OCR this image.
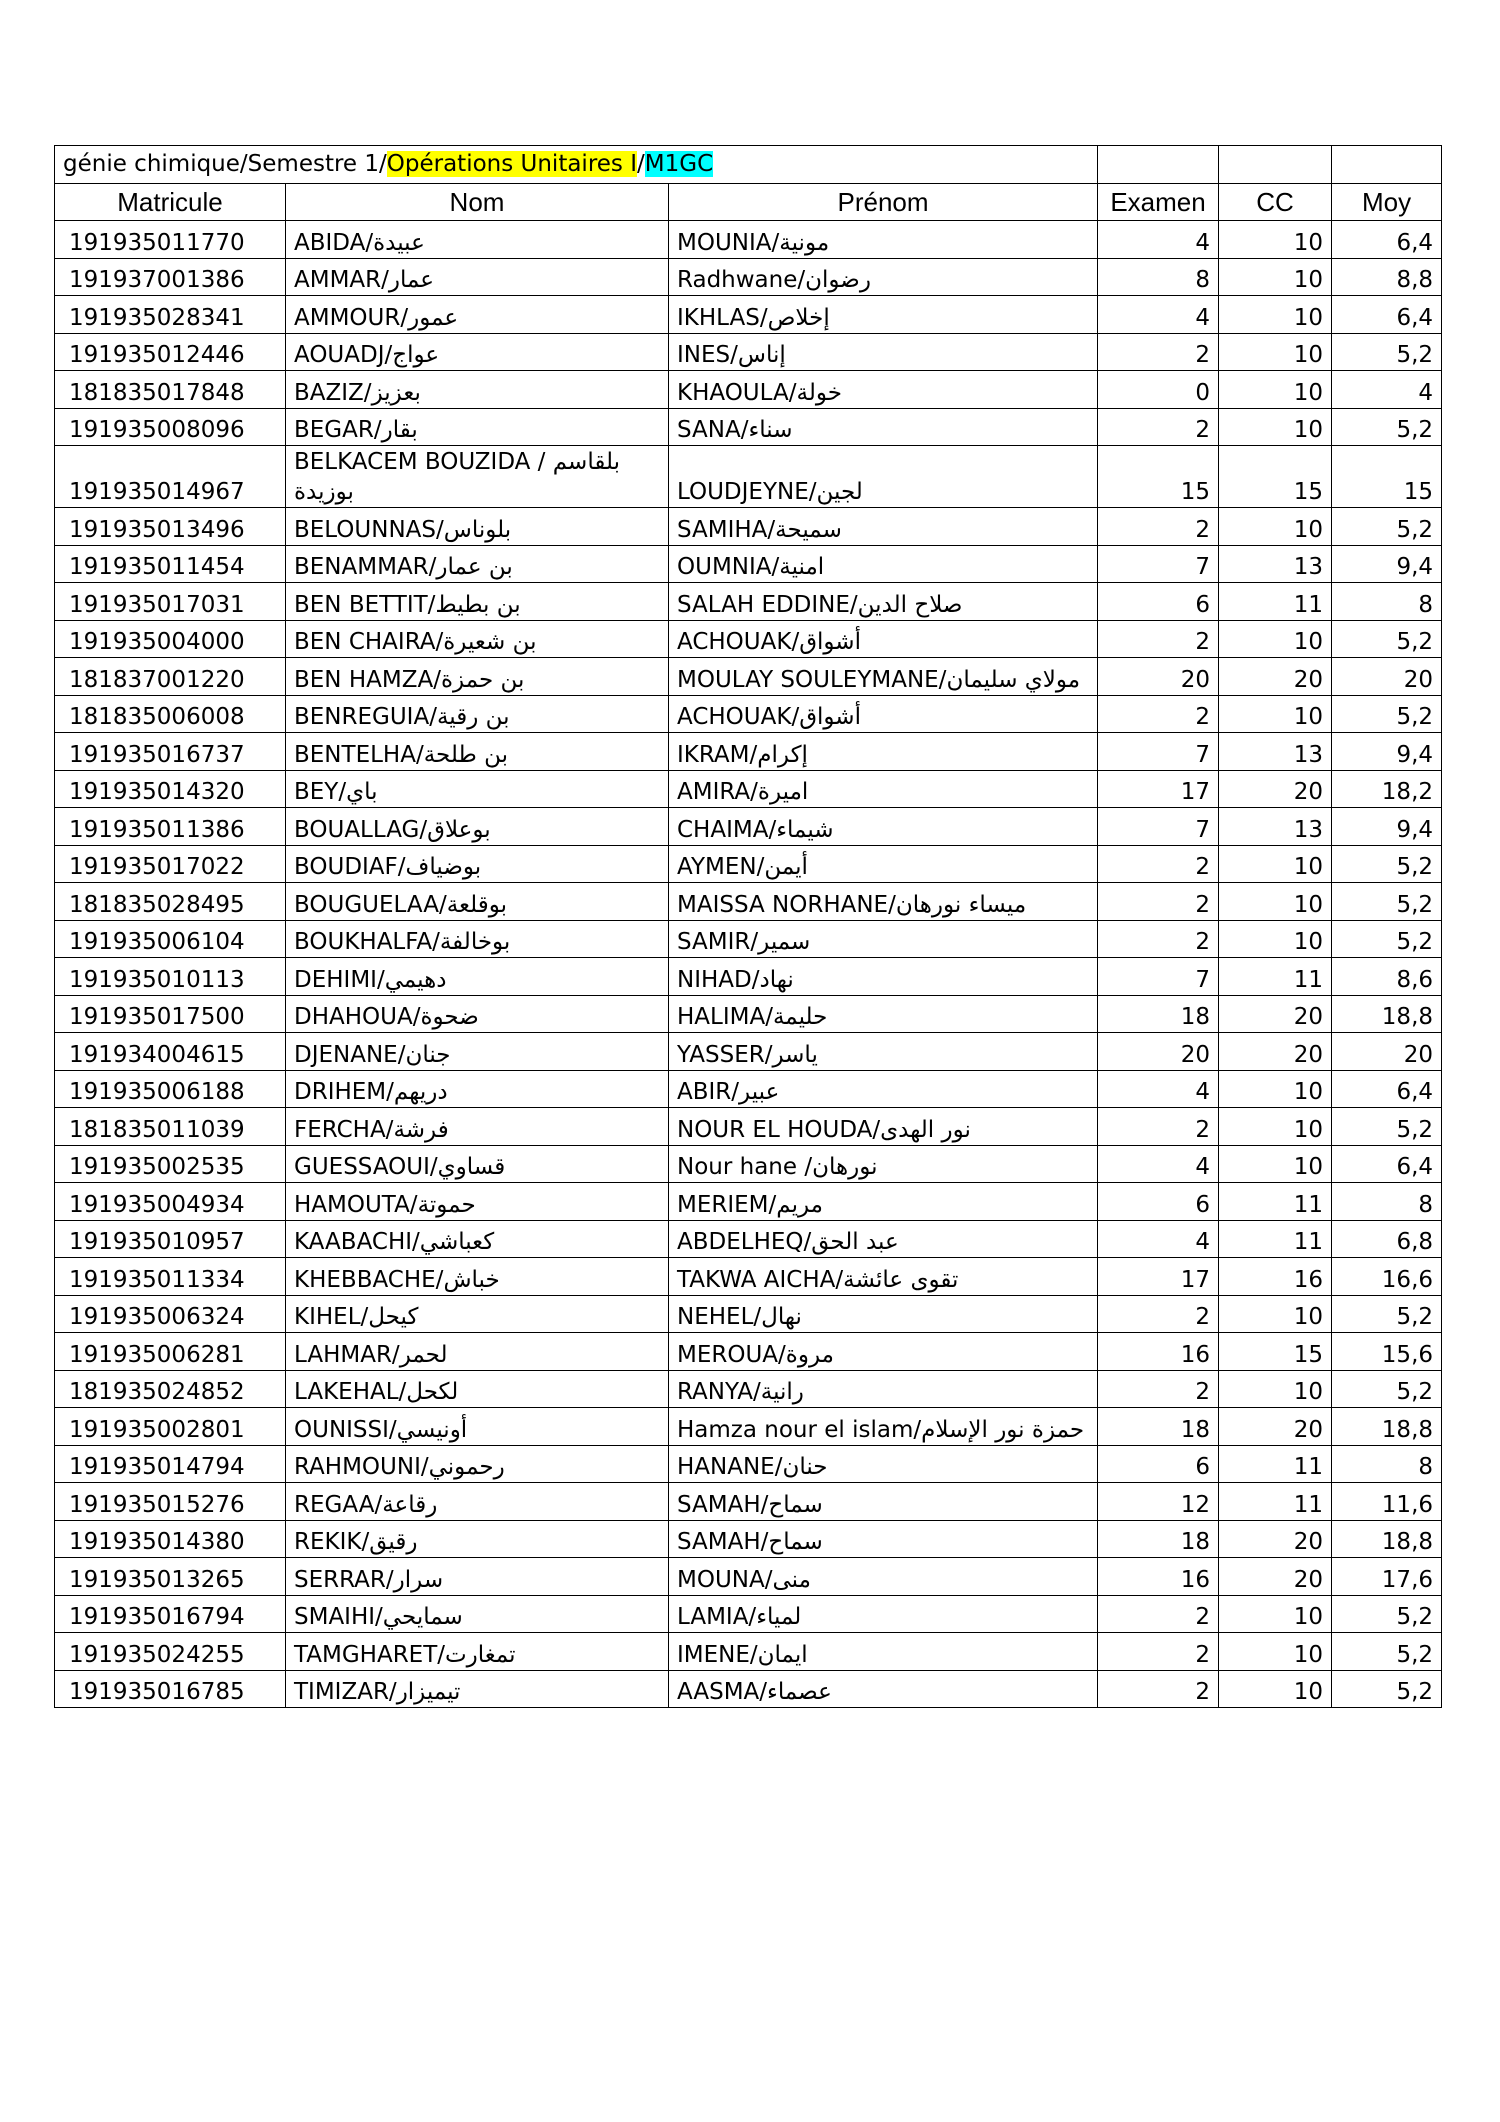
génie chimique/Semestre 1/Opérations Unitaires I/M1GC					
Matricule	Nom	Prénom	Examen	CC	Moy
191935011770	ABIDA/عبيدة	MOUNIA/مونية	4	10	6,4
191937001386	AMMAR/عمار	Radhwane/رضوان	8	10	8,8
191935028341	AMMOUR/عمور	IKHLAS/إخلاص	4	10	6,4
191935012446	AOUADJ/عواج	INES/إناس	2	10	5,2
181835017848	BAZIZ/بعزيز	KHAOULA/خولة	0	10	4
191935008096	BEGAR/بقار	SANA/سناء	2	10	5,2
191935014967	BELKACEM BOUZIDA / بلقاسم بوزيدة	LOUDJEYNE/لجين	15	15	15
191935013496	BELOUNNAS/بلوناس	SAMIHA/سميحة	2	10	5,2
191935011454	BENAMMAR/بن عمار	OUMNIA/امنية	7	13	9,4
191935017031	BEN BETTIT/بن بطيط	SALAH EDDINE/صلاح الدين	6	11	8
191935004000	BEN CHAIRA/بن شعيرة	ACHOUAK/أشواق	2	10	5,2
181837001220	BEN HAMZA/بن حمزة	MOULAY SOULEYMANE/مولاي سليمان	20	20	20
181835006008	BENREGUIA/بن رقية	ACHOUAK/أشواق	2	10	5,2
191935016737	BENTELHA/بن طلحة	IKRAM/إكرام	7	13	9,4
191935014320	BEY/باي	AMIRA/اميرة	17	20	18,2
191935011386	BOUALLAG/بوعلاق	CHAIMA/شيماء	7	13	9,4
191935017022	BOUDIAF/بوضياف	AYMEN/أيمن	2	10	5,2
181835028495	BOUGUELAA/بوقلعة	MAISSA NORHANE/ميساء نورهان	2	10	5,2
191935006104	BOUKHALFA/بوخالفة	SAMIR/سمير	2	10	5,2
191935010113	DEHIMI/دهيمي	NIHAD/نهاد	7	11	8,6
191935017500	DHAHOUA/ضحوة	HALIMA/حليمة	18	20	18,8
191934004615	DJENANE/جنان	YASSER/ياسر	20	20	20
191935006188	DRIHEM/دريهم	ABIR/عبير	4	10	6,4
181835011039	FERCHA/فرشة	NOUR EL HOUDA/نور الهدى	2	10	5,2
191935002535	GUESSAOUI/قساوي	Nour hane /نورهان	4	10	6,4
191935004934	HAMOUTA/حموتة	MERIEM/مريم	6	11	8
191935010957	KAABACHI/كعباشي	ABDELHEQ/عبد الحق	4	11	6,8
191935011334	KHEBBACHE/خباش	TAKWA AICHA/تقوى عائشة	17	16	16,6
191935006324	KIHEL/كيحل	NEHEL/نهال	2	10	5,2
191935006281	LAHMAR/لحمر	MEROUA/مروة	16	15	15,6
181935024852	LAKEHAL/لكحل	RANYA/رانية	2	10	5,2
191935002801	OUNISSI/أونيسي	Hamza nour el islam/حمزة نور الإسلام	18	20	18,8
191935014794	RAHMOUNI/رحموني	HANANE/حنان	6	11	8
191935015276	REGAA/رقاعة	SAMAH/سماح	12	11	11,6
191935014380	REKIK/رقيق	SAMAH/سماح	18	20	18,8
191935013265	SERRAR/سرار	MOUNA/منى	16	20	17,6
191935016794	SMAIHI/سمايحي	LAMIA/لمياء	2	10	5,2
191935024255	TAMGHARET/تمغارت	IMENE/ايمان	2	10	5,2
191935016785	TIMIZAR/تيميزار	AASMA/عصماء	2	10	5,2
